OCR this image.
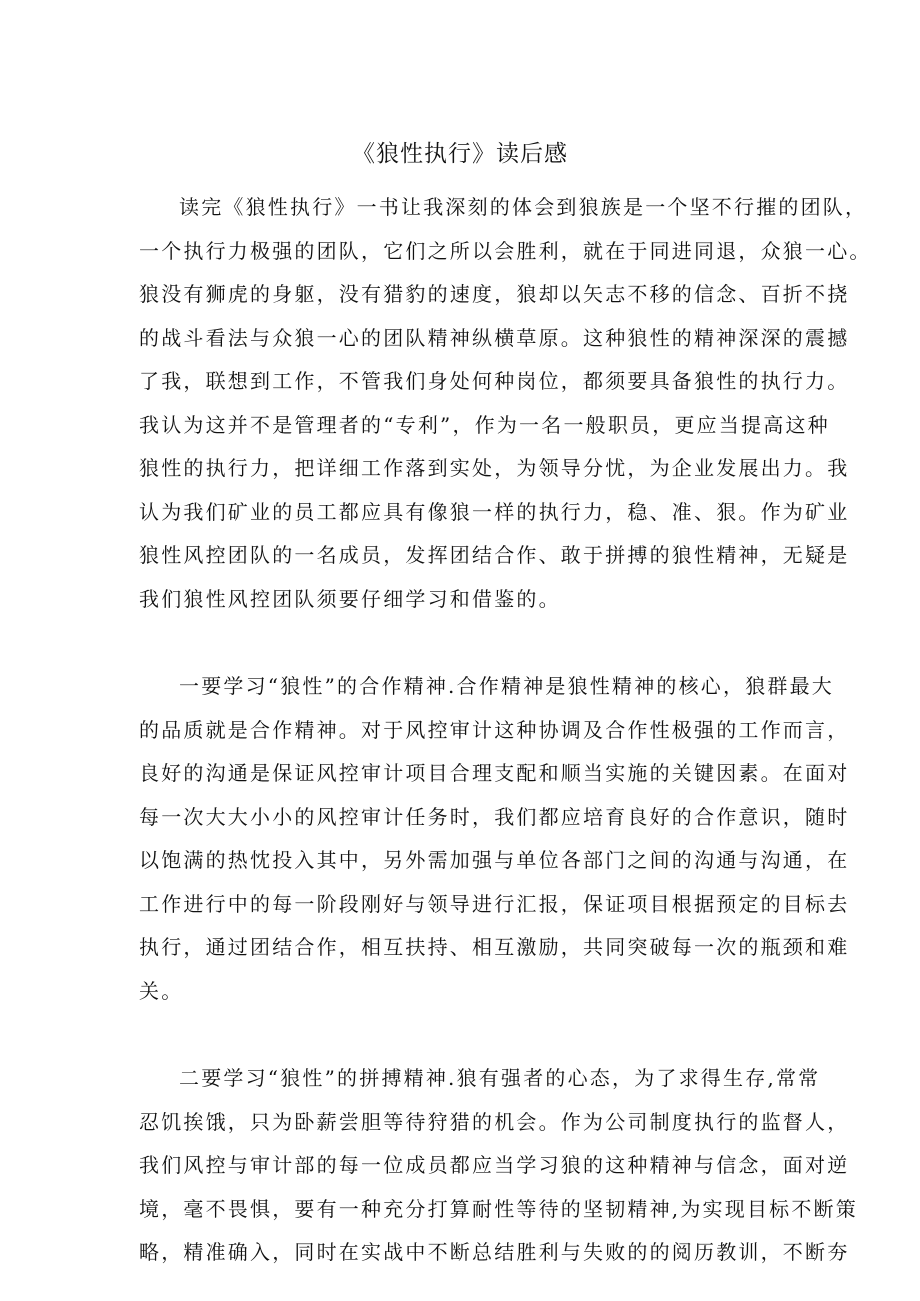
《狼性执行》读后感
读完《狼性执行》一书让我深刻的体会到狼族是一个坚不行摧的团队，
一个执行力极强的团队，它们之所以会胜利，就在于同进同退，众狼一心。
狼没有狮虎的身躯，没有猎豹的速度，狼却以矢志不移的信念、百折不挠
的战斗看法与众狼一心的团队精神纵横草原。这种狼性的精神深深的震撼
了我，联想到工作，不管我们身处何种岗位，都须要具备狼性的执行力。
我认为这并不是管理者的“专利”，作为一名一般职员，更应当提高这种
狼性的执行力，把详细工作落到实处，为领导分忧，为企业发展出力。我
认为我们矿业的员工都应具有像狼一样的执行力，稳、准、狠。作为矿业
狼性风控团队的一名成员，发挥团结合作、敢于拼搏的狼性精神，无疑是
我们狼性风控团队须要仔细学习和借鉴的。
一要学习“狼性”的合作精神.合作精神是狼性精神的核心，狼群最大
的品质就是合作精神。对于风控审计这种协调及合作性极强的工作而言，
良好的沟通是保证风控审计项目合理支配和顺当实施的关键因素。在面对
每一次大大小小的风控审计任务时，我们都应培育良好的合作意识，随时
以饱满的热忱投入其中，另外需加强与单位各部门之间的沟通与沟通，在
工作进行中的每一阶段刚好与领导进行汇报，保证项目根据预定的目标去
执行，通过团结合作，相互扶持、相互激励，共同突破每一次的瓶颈和难
关。
二要学习“狼性”的拼搏精神.狼有强者的心态，为了求得生存,常常
忍饥挨饿，只为卧薪尝胆等待狩猎的机会。作为公司制度执行的监督人，
我们风控与审计部的每一位成员都应当学习狼的这种精神与信念，面对逆
境，毫不畏惧，要有一种充分打算耐性等待的坚韧精神,为实现目标不断策
略，精准确入，同时在实战中不断总结胜利与失败的的阅历教训，不断夯
